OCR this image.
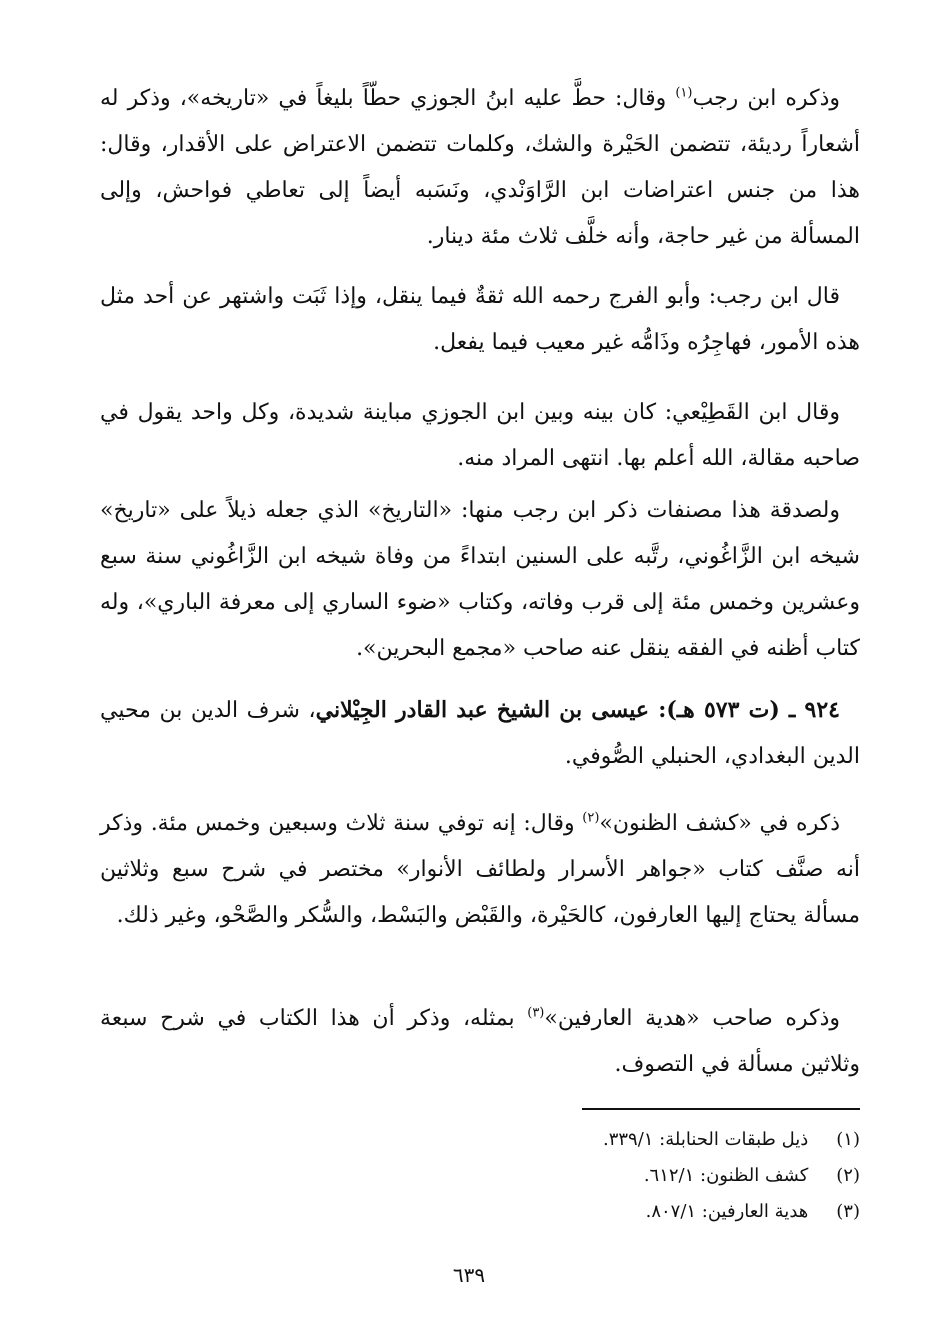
وذكره ابن رجب$^{(١)}$ وقال: حطَّ عليه ابنُ الجوزي حطّاً بليغاً في «تاريخه»، وذكر له أشعاراً رديئة، تتضمن الحَيْرة والشك، وكلمات تتضمن الاعتراض على الأقدار، وقال: هذا من جنس اعتراضات ابن الرَّاوَنْدي، ونَسَبه أيضاً إلى تعاطي فواحش، وإلى المسألة من غير حاجة، وأنه خلَّف ثلاث مئة دينار.

قال ابن رجب: وأبو الفرج رحمه الله ثقةٌ فيما ينقل، وإذا ثَبَت واشتهر عن أحد مثل هذه الأمور، فهاجِرُه وذَامُّه غير معيب فيما يفعل.

وقال ابن القَطِيْعي: كان بينه وبين ابن الجوزي مباينة شديدة، وكل واحد يقول في صاحبه مقالة، الله أعلم بها. انتهى المراد منه.

ولصدقة هذا مصنفات ذكر ابن رجب منها: «التاريخ» الذي جعله ذيلاً على «تاريخ» شيخه ابن الزَّاغُوني، رتَّبه على السنين ابتداءً من وفاة شيخه ابن الزَّاغُوني سنة سبع وعشرين وخمس مئة إلى قرب وفاته، وكتاب «ضوء الساري إلى معرفة الباري»، وله كتاب أظنه في الفقه ينقل عنه صاحب «مجمع البحرين».

٩٢٤ ـ (ت ٥٧٣ هـ): عيسى بن الشيخ عبد القادر الجِيْلاني، شرف الدين بن محيي الدين البغدادي، الحنبلي الصُّوفي.

ذكره في «كشف الظنون»$^{(٢)}$ وقال: إنه توفي سنة ثلاث وسبعين وخمس مئة. وذكر أنه صنَّف كتاب «جواهر الأسرار ولطائف الأنوار» مختصر في شرح سبع وثلاثين مسألة يحتاج إليها العارفون، كالحَيْرة، والقَبْض والبَسْط، والسُّكر والصَّحْو، وغير ذلك.

وذكره صاحب «هدية العارفين»$^{(٣)}$ بمثله، وذكر أن هذا الكتاب في شرح سبعة وثلاثين مسألة في التصوف.

(١) ذيل طبقات الحنابلة: ٣٣٩/١.
(٢) كشف الظنون: ٦١٢/١.
(٣) هدية العارفين: ٨٠٧/١.
٦٣٩
